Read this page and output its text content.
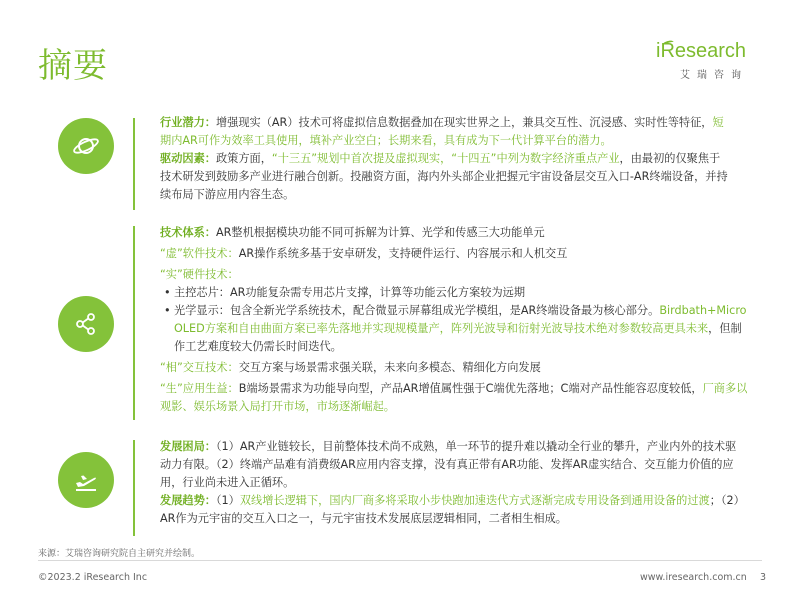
摘要	iResearch
艾瑞咨询

行业潜力：增强现实（AR）技术可将虚拟信息数据叠加在现实世界之上，兼具交互性、沉浸感、实时性等特征，短期内AR可作为效率工具使用，填补产业空白；长期来看，具有成为下一代计算平台的潜力。

驱动因素：政策方面，“十三五”规划中首次提及虚拟现实，“十四五”中列为数字经济重点产业，由最初的仅聚焦于技术研发到鼓励多产业进行融合创新。投融资方面，海内外头部企业把握元宇宙设备层交互入口-AR终端设备，并持续布局下游应用内容生态。

技术体系：AR整机根据模块功能不同可拆解为计算、光学和传感三大功能单元

“虚”软件技术：AR操作系统多基于安卓研发，支持硬件运行、内容展示和人机交互

“实”硬件技术：

• 主控芯片：AR功能复杂需专用芯片支撑，计算等功能云化方案较为远期

• 光学显示：包含全新光学系统技术，配合微显示屏幕组成光学模组，是AR终端设备最为核心部分。Birdbath+Micro OLED方案和自由曲面方案已率先落地并实现规模量产，阵列光波导和衍射光波导技术绝对参数较高更具未来，但制作工艺难度较大仍需长时间迭代。

“相”交互技术：交互方案与场景需求强关联，未来向多模态、精细化方向发展

“生”应用生益：B端场景需求为功能导向型，产品AR增值属性强于C端优先落地；C端对产品性能容忍度较低，厂商多以观影、娱乐场景入局打开市场，市场逐渐崛起。

发展困局：（1）AR产业链较长，目前整体技术尚不成熟，单一环节的提升难以撬动全行业的攀升，产业内外的技术驱动力有限。（2）终端产品难有消费级AR应用内容支撑，没有真正带有AR功能、发挥AR虚实结合、交互能力价值的应用，行业尚未进入正循环。

发展趋势：（1）双线增长逻辑下，国内厂商多将采取小步快跑加速迭代方式逐渐完成专用设备到通用设备的过渡；（2）AR作为元宇宙的交互入口之一，与元宇宙技术发展底层逻辑相同，二者相生相成。

来源：艾瑞咨询研究院自主研究并绘制。
©2023.2 iResearch Inc	www.iresearch.com.cn 3
